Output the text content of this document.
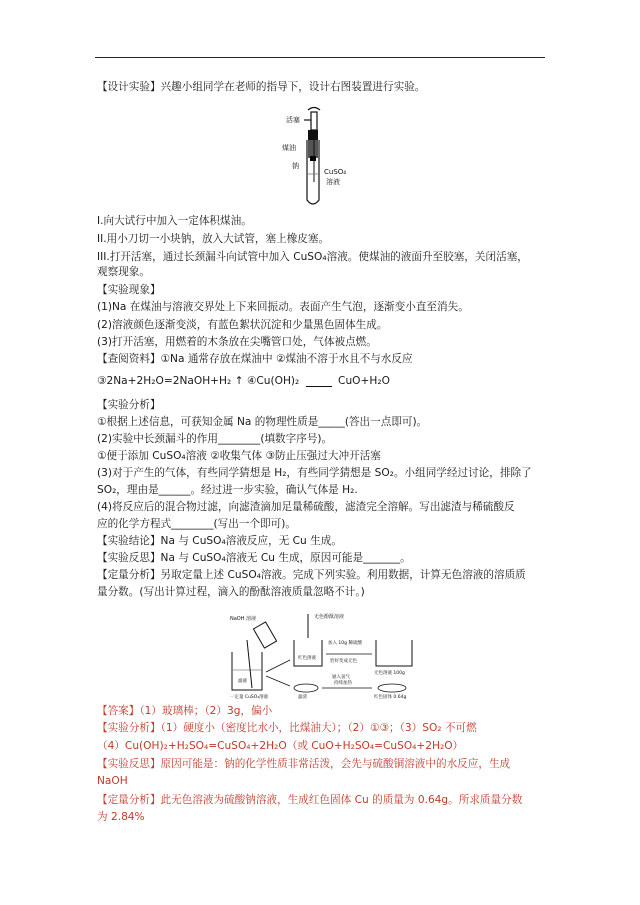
【设计实验】兴趣小组同学在老师的指导下，设计右图装置进行实验。
活塞
煤油
钠
CuSO₄
溶液
I.向大试行中加入一定体积煤油。
II.用小刀切一小块钠，放入大试管，塞上橡皮塞。
III.打开活塞，通过长颈漏斗向试管中加入 CuSO₄溶液。使煤油的液面升至胶塞，关闭活塞，
观察现象。
【实验现象】
(1)Na 在煤油与溶液交界处上下来回振动。表面产生气泡，逐渐变小直至消失。
(2)溶液颜色逐渐变淡，有蓝色絮状沉淀和少量黑色固体生成。
(3)打开活塞，用燃着的木条放在尖嘴管口处，气体被点燃。
【查阅资料】①Na 通常存放在煤油中 ②煤油不溶于水且不与水反应
③2Na+2H₂O=2NaOH+H₂ ↑ ④Cu(OH)₂	CuO+H₂O
【实验分析】
①根据上述信息，可获知金属 Na 的物理性质是_____(答出一点即可)。
(2)实验中长颈漏斗的作用________(填数字序号)。
①便于添加 CuSO₄溶液 ②收集气体 ③防止压强过大冲开活塞
(3)对于产生的气体，有些同学猜想是 H₂，有些同学猜想是 SO₂。小组同学经过讨论，排除了
SO₂，理由是______。经过进一步实验，确认气体是 H₂.
(4)将反应后的混合物过滤，向滤渣滴加足量稀硫酸，滤渣完全溶解。写出滤渣与稀硫酸反
应的化学方程式________(写出一个即可)。
【实验结论】Na 与 CuSO₄溶液反应，无 Cu 生成。
【实验反思】Na 与 CuSO₄溶液无 Cu 生成，原因可能是_______。
【定量分析】另取定量上述 CuSO₄溶液。完成下列实验。利用数据，计算无色溶液的溶质质
量分数。(写出计算过程，滴入的酚酞溶液质量忽略不计。)
NaOH 溶液
滤液
一定量 CuSO₄溶液
无色酚酞溶液
红色溶液
加入 10g 稀硫酸
恰好变成无色
无色溶液 100g
滤渣
通入氢气
持续加热
红色固体 0.64g
【答案】（1）玻璃棒；（2）3g，偏小
【实验分析】（1）硬度小（密度比水小，比煤油大）；（2）①③；（3）SO₂ 不可燃
（4）Cu(OH)₂+H₂SO₄=CuSO₄+2H₂O（或 CuO+H₂SO₄=CuSO₄+2H₂O）
【实验反思】原因可能是：钠的化学性质非常活泼，会先与硫酸铜溶液中的水反应，生成
NaOH
【定量分析】此无色溶液为硫酸钠溶液，生成红色固体 Cu 的质量为 0.64g。所求质量分数
为 2.84%
